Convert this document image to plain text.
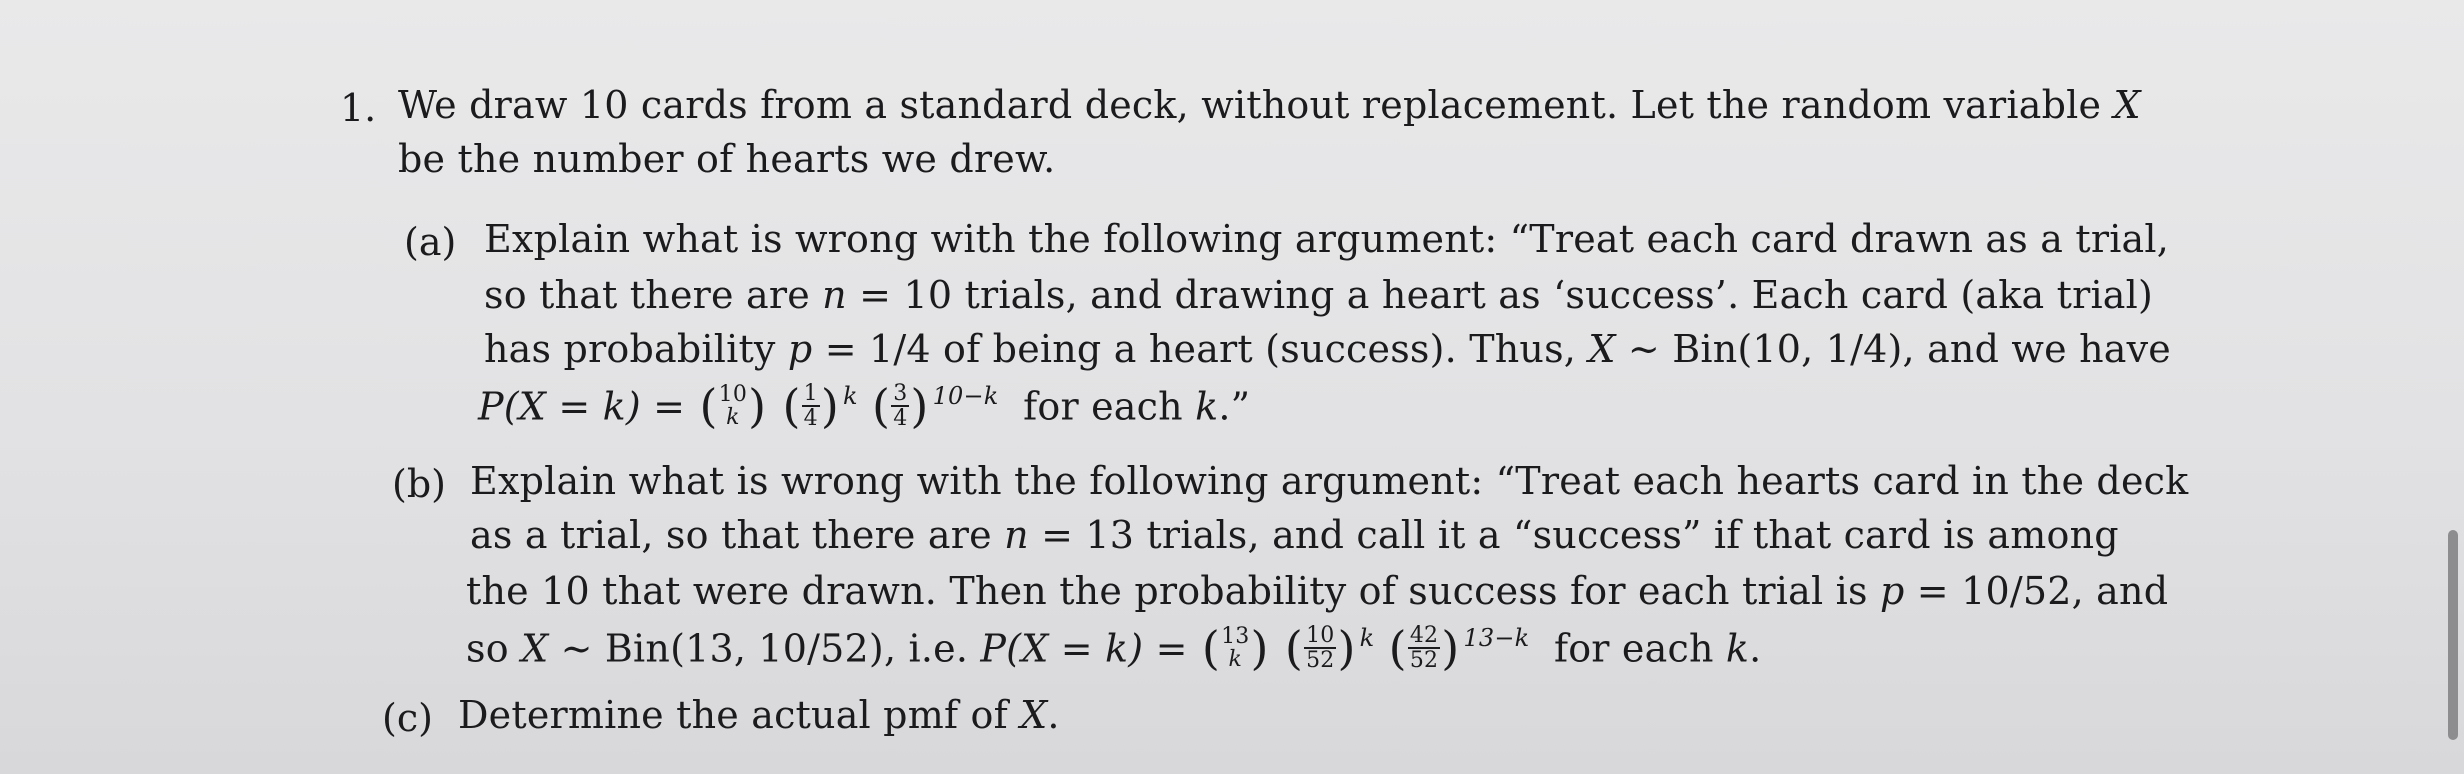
1. We draw 10 cards from a standard deck, without replacement. Let the random variable X
be the number of hearts we drew.
(a) Explain what is wrong with the following argument: “Treat each card drawn as a trial,
so that there are n = 10 trials, and drawing a heart as ‘success’. Each card (aka trial)
has probability p = 1/4 of being a heart (success). Thus, X ∼ Bin(10, 1/4), and we have
P(X = k) = ( 10
k )
( 1
4 ) $^k$ ( 3
4 ) $^{10-k}$ for each k.”
(b) Explain what is wrong with the following argument: “Treat each hearts card in the deck
as a trial, so that there are n = 13 trials, and call it a “success” if that card is among
the 10 that were drawn. Then the probability of success for each trial is p = 10/52, and
so X ∼ Bin(13, 10/52), i.e. P(X = k) = ( 13
k )
( 10
52 ) $^k$ ( 42
52 ) $^{13-k}$ for each k.
(c) Determine the actual pmf of X.
